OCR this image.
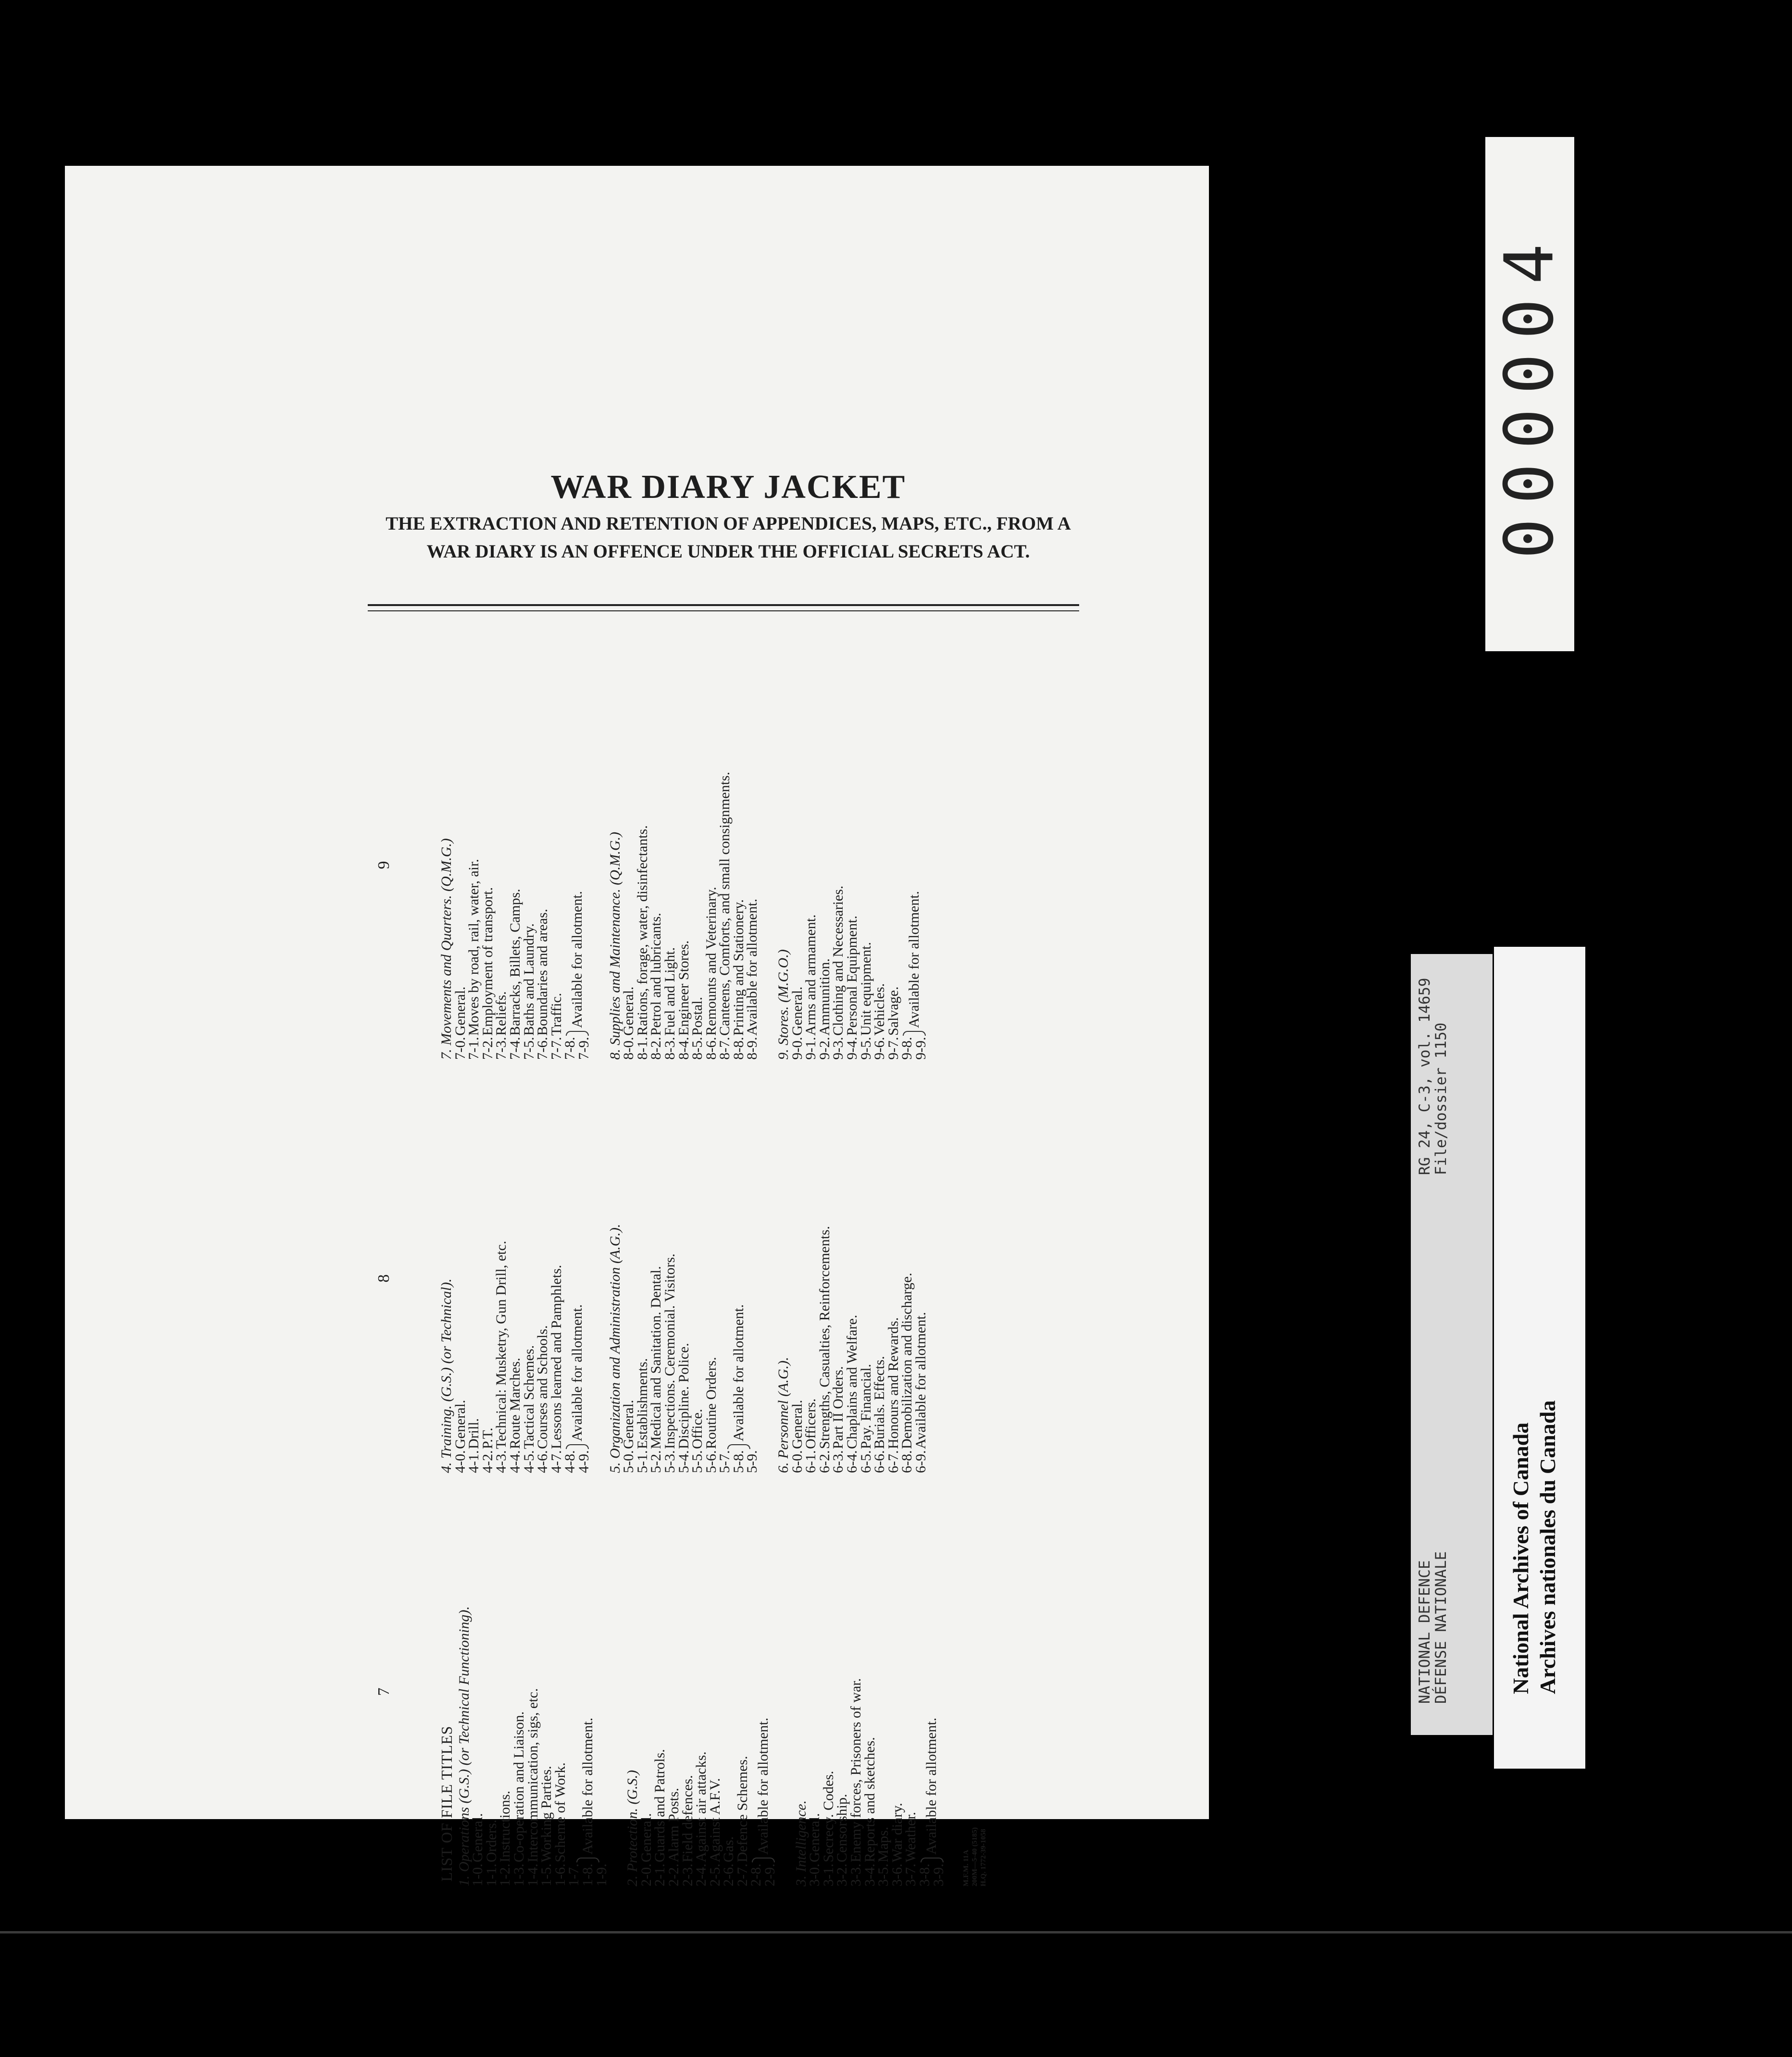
WAR DIARY JACKET
THE EXTRACTION AND RETENTION OF APPENDICES, MAPS, ETC., FROM A
WAR DIARY IS AN OFFENCE UNDER THE OFFICIAL SECRETS ACT.
7
LIST OF FILE TITLES 1. Operations (G.S.) (or Technical Functioning).
1-0.
General.
1-1.
Orders.
1-2.
Instructions.
1-3.
Co-operation and Liaison.
1-4.
Intercommunication, sigs, etc.
1-5.
Working Parties.
1-6.
Scheme of Work.
1-7.
1-8.
1-9.
Available for allotment. 2. Protection. (G.S.)
2-0.
General.
2-1.
Guards and Patrols.
2-2.
Alarm Posts.
2-3.
Field defences.
2-4.
Against air attacks.
2-5.
Against A.F.V.
2-6.
Gas.
2-7.
Defence Schemes.
2-8.
2-9.
Available for allotment. 3. Intelligence.
3-0.
General.
3-1.
Secrecy. Codes.
3-2.
Censorship.
3-3.
Enemy forces, Prisoners of war.
3-4.
Reports and sketches.
3-5.
Maps.
3-6.
War diary.
3-7.
Weather.
3-8.
3-9.
Available for allotment.
M.F.M. 11A 200M—5-40 (5185) H.Q. 1772-39-1058
8
4. Training. (G.S.) (or Technical).
4-0.
General.
4-1.
Drill.
4-2.
P.T.
4-3.
Technical: Musketry, Gun Drill, etc.
4-4.
Route Marches.
4-5.
Tactical Schemes.
4-6.
Courses and Schools.
4-7.
Lessons learned and Pamphlets.
4-8.
4-9.
Available for allotment. 5. Organization and Administration (A.G.).
5-0.
General.
5-1.
Establishments.
5-2.
Medical and Sanitation. Dental.
5-3.
Inspections. Ceremonial. Visitors.
5-4.
Discipline. Police.
5-5.
Office.
5-6.
Routine Orders.
5-7.
5-8.
5-9.
Available for allotment. 6. Personnel (A.G.).
6-0.
General.
6-1.
Officers.
6-2.
Strengths, Casualties, Reinforcements.
6-3.
Part II Orders.
6-4.
Chaplains and Welfare.
6-5.
Pay. Financial.
6-6.
Burials. Effects.
6-7.
Honours and Rewards.
6-8.
Demobilization and discharge.
6-9.
Available for allotment.
9	7. Movements and Quarters. (Q.M.G.)
7-0.
General.
7-1.
Moves by road, rail, water, air.
7-2.
Employment of transport.
7-3.
Reliefs.
7-4.
Barracks, Billets, Camps.
7-5.
Baths and Laundry.
7-6.
Boundaries and areas.
7-7.
Traffic.
7-8.
7-9.
Available for allotment. 8. Supplies and Maintenance. (Q.M.G.)
8-0.
General.
8-1.
Rations, forage, water, disinfectants.
8-2.
Petrol and lubricants.
8-3.
Fuel and Light.
8-4.
Engineer Stores.
8-5.
Postal.
8-6.
Remounts and Veterinary.
8-7.
Canteens, Comforts, and small consignments.
8-8.
Printing and Stationery.
8-9.
Available for allotment. 9. Stores. (M.G.O.)
9-0.
General.
9-1.
Arms and armament.
9-2.
Ammunition.
9-3.
Clothing and Necessaries.
9-4.
Personal Equipment.
9-5.
Unit equipment.
9-6.
Vehicles.
9-7.
Salvage.
9-8.
9-9.
Available for allotment.
000004
NATIONAL DEFENCE
DÉFENSE NATIONALE
RG 24, C-3, vol. 14659
File/dossier 1150
National Archives of Canada Archives nationales du Canada
